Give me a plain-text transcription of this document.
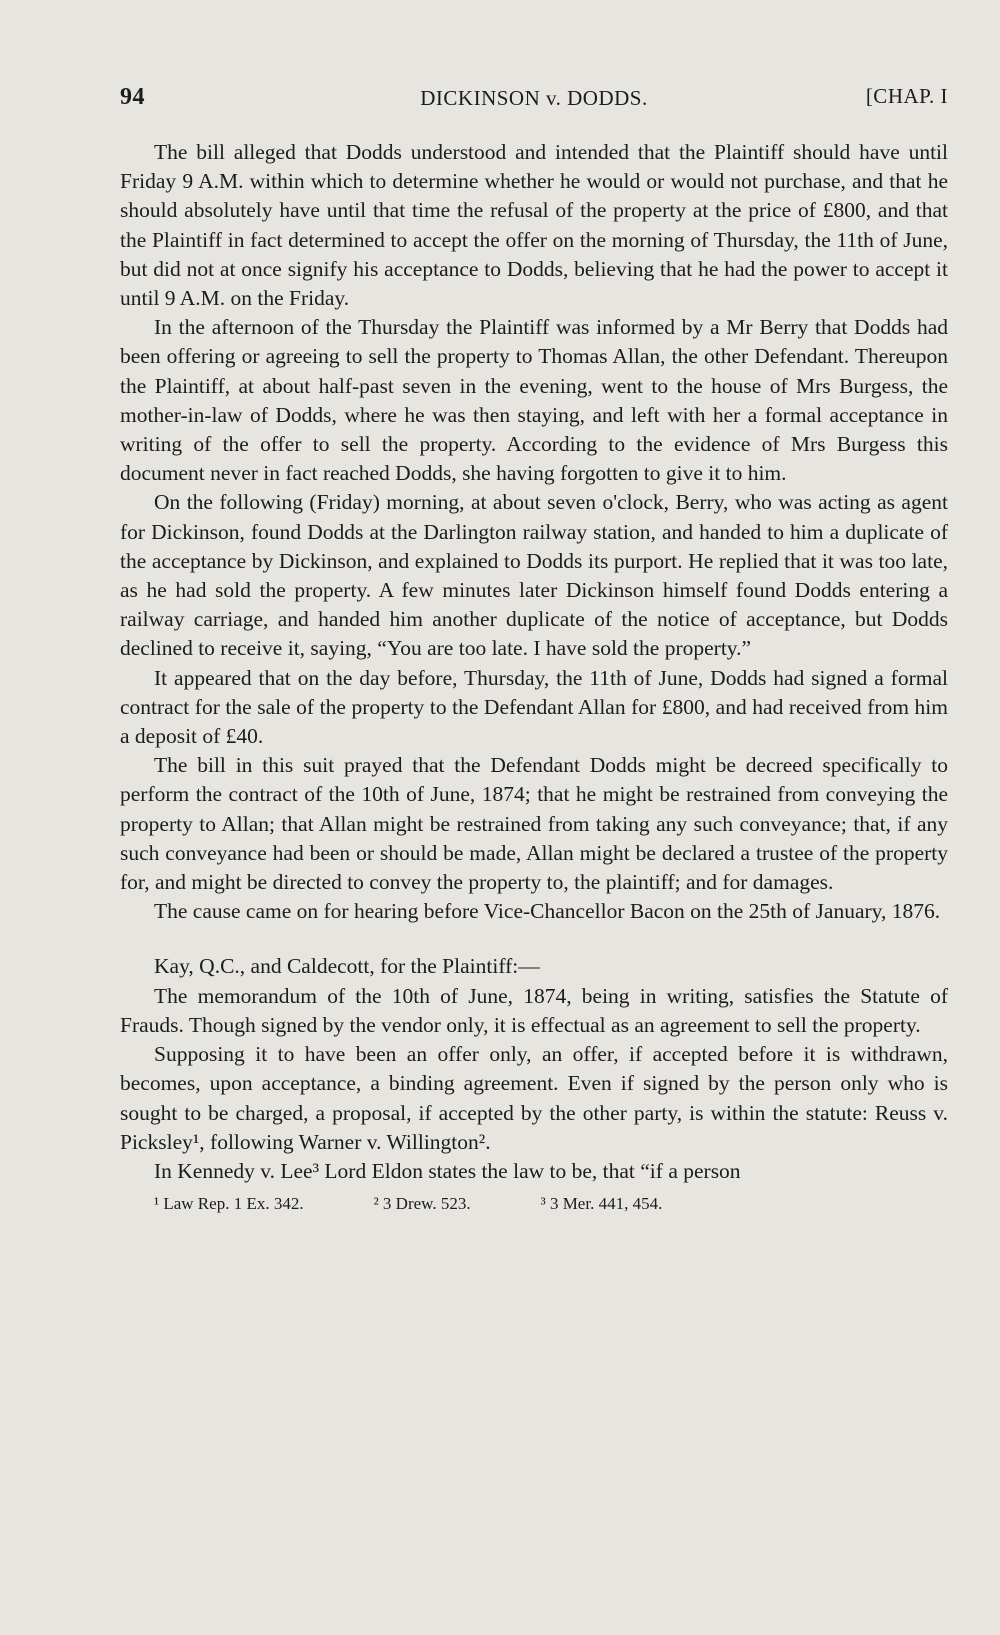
94	DICKINSON v. DODDS.	[CHAP. I

The bill alleged that Dodds understood and intended that the Plaintiff should have until Friday 9 A.M. within which to determine whether he would or would not purchase, and that he should absolutely have until that time the refusal of the property at the price of £800, and that the Plaintiff in fact determined to accept the offer on the morning of Thursday, the 11th of June, but did not at once signify his acceptance to Dodds, believing that he had the power to accept it until 9 A.M. on the Friday.

In the afternoon of the Thursday the Plaintiff was informed by a Mr Berry that Dodds had been offering or agreeing to sell the property to Thomas Allan, the other Defendant. Thereupon the Plaintiff, at about half-past seven in the evening, went to the house of Mrs Burgess, the mother-in-law of Dodds, where he was then staying, and left with her a formal acceptance in writing of the offer to sell the property. According to the evidence of Mrs Burgess this document never in fact reached Dodds, she having forgotten to give it to him.

On the following (Friday) morning, at about seven o'clock, Berry, who was acting as agent for Dickinson, found Dodds at the Darlington railway station, and handed to him a duplicate of the acceptance by Dickinson, and explained to Dodds its purport. He replied that it was too late, as he had sold the property. A few minutes later Dickinson himself found Dodds entering a railway carriage, and handed him another duplicate of the notice of acceptance, but Dodds declined to receive it, saying, “You are too late. I have sold the property.”

It appeared that on the day before, Thursday, the 11th of June, Dodds had signed a formal contract for the sale of the property to the Defendant Allan for £800, and had received from him a deposit of £40.

The bill in this suit prayed that the Defendant Dodds might be decreed specifically to perform the contract of the 10th of June, 1874; that he might be restrained from conveying the property to Allan; that Allan might be restrained from taking any such conveyance; that, if any such conveyance had been or should be made, Allan might be declared a trustee of the property for, and might be directed to convey the property to, the plaintiff; and for damages.

The cause came on for hearing before Vice-Chancellor Bacon on the 25th of January, 1876.

Kay, Q.C., and Caldecott, for the Plaintiff:—

The memorandum of the 10th of June, 1874, being in writing, satisfies the Statute of Frauds. Though signed by the vendor only, it is effectual as an agreement to sell the property.

Supposing it to have been an offer only, an offer, if accepted before it is withdrawn, becomes, upon acceptance, a binding agreement. Even if signed by the person only who is sought to be charged, a proposal, if accepted by the other party, is within the statute: Reuss v. Picksley¹, following Warner v. Willington².

In Kennedy v. Lee³ Lord Eldon states the law to be, that “if a person

¹ Law Rep. 1 Ex. 342.	² 3 Drew. 523.	³ 3 Mer. 441, 454.
